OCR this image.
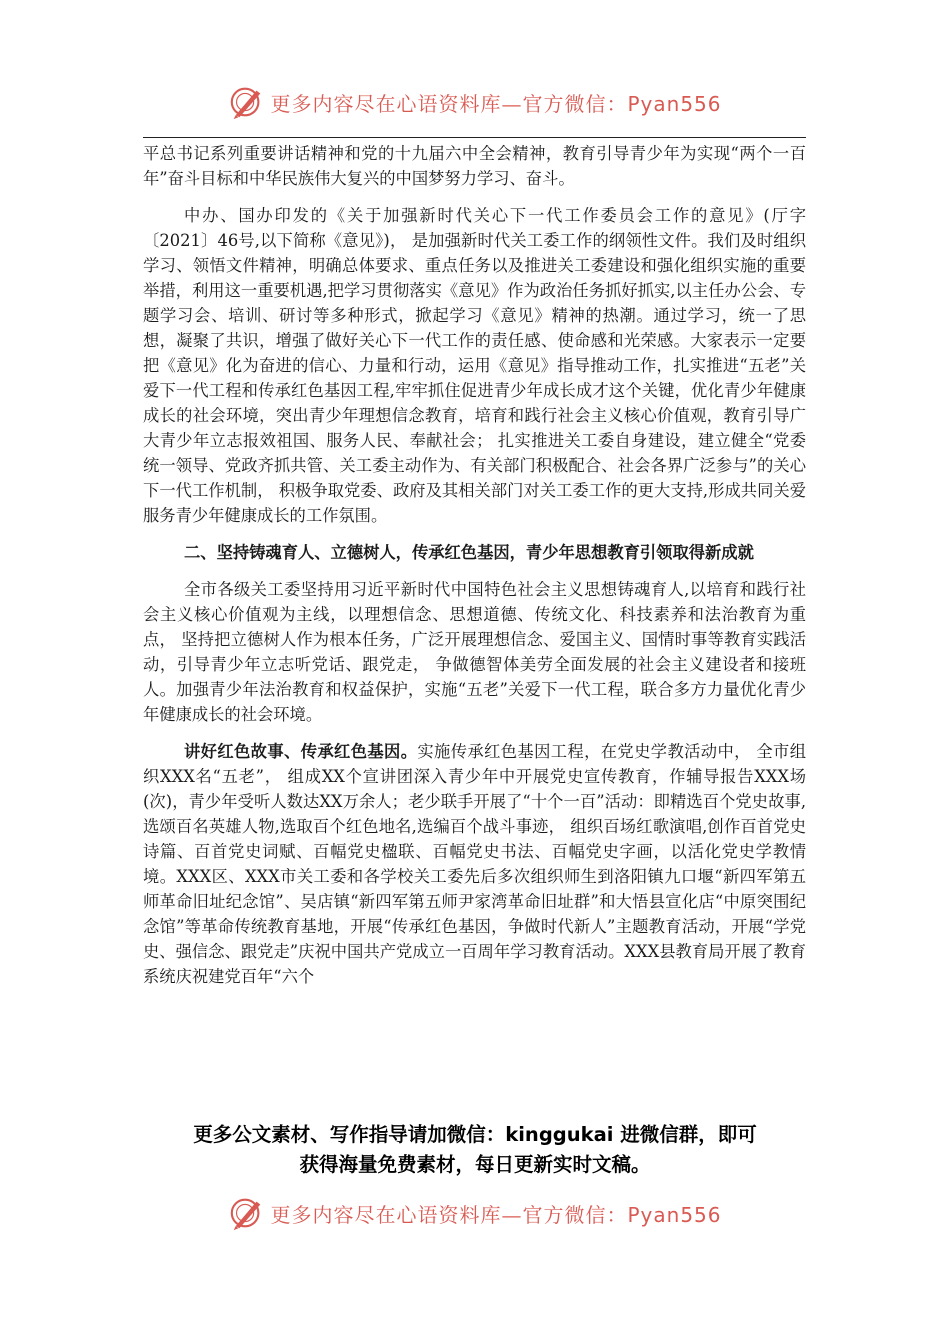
更多内容尽在心语资料库—官方微信：Pyan556

平总书记系列重要讲话精神和党的十九届六中全会精神，教育引导青少年为实现“两个一百年”奋斗目标和中华民族伟大复兴的中国梦努力学习、奋斗。

中办、国办印发的《关于加强新时代关心下一代工作委员会工作的意见》(厅字〔2021〕46号,以下简称《意见》)， 是加强新时代关工委工作的纲领性文件。我们及时组织学习、领悟文件精神，明确总体要求、重点任务以及推进关工委建设和强化组织实施的重要举措，利用这一重要机遇,把学习贯彻落实《意见》作为政治任务抓好抓实,以主任办公会、专题学习会、培训、研讨等多种形式，掀起学习《意见》精神的热潮。通过学习，统一了思想，凝聚了共识，增强了做好关心下一代工作的责任感、使命感和光荣感。大家表示一定要把《意见》化为奋进的信心、力量和行动，运用《意见》指导推动工作，扎实推进“五老”关爱下一代工程和传承红色基因工程,牢牢抓住促进青少年成长成才这个关键，优化青少年健康成长的社会环境，突出青少年理想信念教育，培育和践行社会主义核心价值观，教育引导广大青少年立志报效祖国、服务人民、奉献社会； 扎实推进关工委自身建设，建立健全“党委统一领导、党政齐抓共管、关工委主动作为、有关部门积极配合、社会各界广泛参与”的关心下一代工作机制， 积极争取党委、政府及其相关部门对关工委工作的更大支持,形成共同关爱服务青少年健康成长的工作氛围。

二、坚持铸魂育人、立德树人，传承红色基因，青少年思想教育引领取得新成就

全市各级关工委坚持用习近平新时代中国特色社会主义思想铸魂育人,以培育和践行社会主义核心价值观为主线，以理想信念、思想道德、传统文化、科技素养和法治教育为重点， 坚持把立德树人作为根本任务，广泛开展理想信念、爱国主义、国情时事等教育实践活动，引导青少年立志听党话、跟党走， 争做德智体美劳全面发展的社会主义建设者和接班人。加强青少年法治教育和权益保护，实施“五老”关爱下一代工程，联合多方力量优化青少年健康成长的社会环境。

讲好红色故事、传承红色基因。实施传承红色基因工程，在党史学教活动中， 全市组织XXX名“五老”， 组成XX个宣讲团深入青少年中开展党史宣传教育，作辅导报告XXX场(次)，青少年受听人数达XX万余人；老少联手开展了“十个一百”活动：即精选百个党史故事,选颂百名英雄人物,选取百个红色地名,选编百个战斗事迹， 组织百场红歌演唱,创作百首党史诗篇、百首党史词赋、百幅党史楹联、百幅党史书法、百幅党史字画，以活化党史学教情境。XXX区、XXX市关工委和各学校关工委先后多次组织师生到洛阳镇九口堰“新四军第五师革命旧址纪念馆”、吴店镇“新四军第五师尹家湾革命旧址群”和大悟县宣化店“中原突围纪念馆”等革命传统教育基地，开展“传承红色基因，争做时代新人”主题教育活动，开展“学党史、强信念、跟党走”庆祝中国共产党成立一百周年学习教育活动。XXX县教育局开展了教育系统庆祝建党百年“六个

更多公文素材、写作指导请加微信：kinggukai 进微信群，即可
获得海量免费素材，每日更新实时文稿。
更多内容尽在心语资料库—官方微信：Pyan556
